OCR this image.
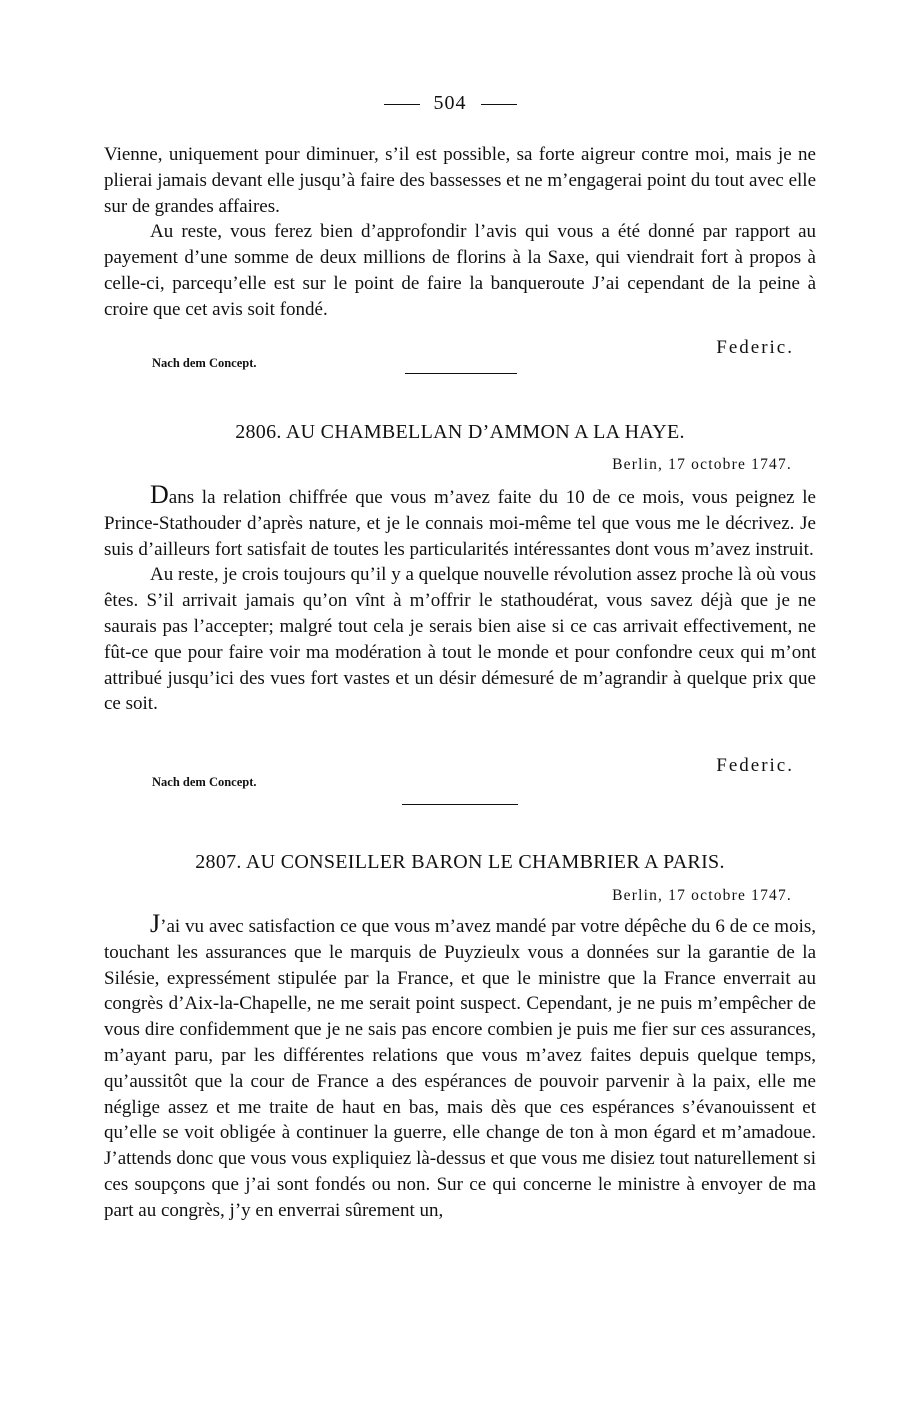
504

Vienne, uniquement pour diminuer, s’il est possible, sa forte aigreur contre moi, mais je ne plierai jamais devant elle jusqu’à faire des bassesses et ne m’engagerai point du tout avec elle sur de grandes affaires.

Au reste, vous ferez bien d’approfondir l’avis qui vous a été donné par rapport au payement d’une somme de deux millions de florins à la Saxe, qui viendrait fort à propos à celle-ci, parcequ’elle est sur le point de faire la banqueroute J’ai cependant de la peine à croire que cet avis soit fondé.

Federic.
Nach dem Concept.
2806. AU CHAMBELLAN D’AMMON A LA HAYE.
Berlin, 17 octobre 1747.

Dans la relation chiffrée que vous m’avez faite du 10 de ce mois, vous peignez le Prince-Stathouder d’après nature, et je le connais moi-même tel que vous me le décrivez. Je suis d’ailleurs fort satisfait de toutes les particularités intéressantes dont vous m’avez instruit.

Au reste, je crois toujours qu’il y a quelque nouvelle révolution assez proche là où vous êtes. S’il arrivait jamais qu’on vînt à m’offrir le stathoudérat, vous savez déjà que je ne saurais pas l’accepter; malgré tout cela je serais bien aise si ce cas arrivait effectivement, ne fût-ce que pour faire voir ma modération à tout le monde et pour confondre ceux qui m’ont attribué jusqu’ici des vues fort vastes et un désir démesuré de m’agrandir à quelque prix que ce soit.

Federic.
Nach dem Concept.
2807. AU CONSEILLER BARON LE CHAMBRIER A PARIS.
Berlin, 17 octobre 1747.

J’ai vu avec satisfaction ce que vous m’avez mandé par votre dépêche du 6 de ce mois, touchant les assurances que le marquis de Puyzieulx vous a données sur la garantie de la Silésie, expressément stipulée par la France, et que le ministre que la France enverrait au congrès d’Aix-la-Chapelle, ne me serait point suspect. Cependant, je ne puis m’empêcher de vous dire confidemment que je ne sais pas encore combien je puis me fier sur ces assurances, m’ayant paru, par les différentes relations que vous m’avez faites depuis quelque temps, qu’aussitôt que la cour de France a des espérances de pouvoir parvenir à la paix, elle me néglige assez et me traite de haut en bas, mais dès que ces espérances s’évanouissent et qu’elle se voit obligée à continuer la guerre, elle change de ton à mon égard et m’amadoue. J’attends donc que vous vous expliquiez là-dessus et que vous me disiez tout naturellement si ces soupçons que j’ai sont fondés ou non. Sur ce qui concerne le ministre à envoyer de ma part au congrès, j’y en enverrai sûrement un,
